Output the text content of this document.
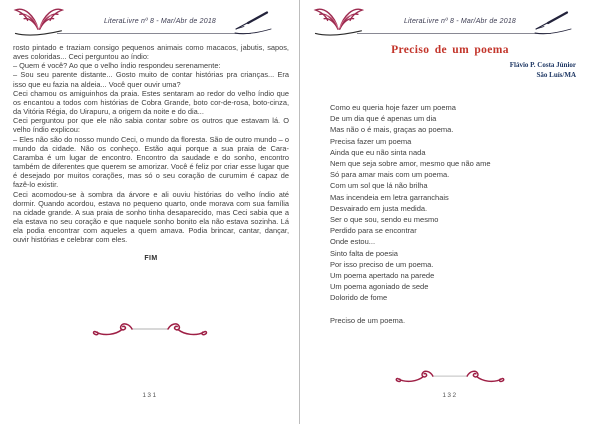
LiteraLivre nº 8 - Mar/Abr de 2018

rosto pintado e traziam consigo pequenos animais como macacos, jabutis, sapos, aves coloridas... Ceci perguntou ao índio:

– Quem é você? Ao que o velho índio respondeu serenamente:

– Sou seu parente distante... Gosto muito de contar histórias pra crianças... Era isso que eu fazia na aldeia... Você quer ouvir uma?

Ceci chamou os amiguinhos da praia. Estes sentaram ao redor do velho índio que os encantou a todos com histórias de Cobra Grande, boto cor-de-rosa, boto-cinza, da Vitória Régia, do Uirapuru, a origem da noite e do dia...

Ceci perguntou por que ele não sabia contar sobre os outros que estavam lá. O velho índio explicou:

– Eles não são do nosso mundo Ceci, o mundo da floresta. São de outro mundo – o mundo da cidade. Não os conheço. Estão aqui porque a sua praia de Cara-Caramba é um lugar de encontro. Encontro da saudade e do sonho, encontro também de diferentes que querem se amorizar. Você é feliz por criar esse lugar que é desejado por muitos corações, mas só o seu coração de curumim é capaz de fazê-lo existir.

Ceci acomodou-se à sombra da árvore e ali ouviu histórias do velho índio até dormir. Quando acordou, estava no pequeno quarto, onde morava com sua família na cidade grande. A sua praia de sonho tinha desaparecido, mas Ceci sabia que a ela estava no seu coração e que naquele sonho bonito ela não estava sozinha. Lá ela podia encontrar com aqueles a quem amava. Podia brincar, cantar, dançar, ouvir histórias e celebrar com eles.

FIM
131
LiteraLivre nº 8 - Mar/Abr de 2018
Preciso de um poema
Flávio P. Costa Júnior
São Luís/MA
Como eu queria hoje fazer um poema
De um dia que é apenas um dia
Mas não o é mais, graças ao poema.
Precisa fazer um poema
Ainda que eu não sinta nada
Nem que seja sobre amor, mesmo que não ame
Só para amar mais com um poema.
Com um sol que lá não brilha
Mas incendeia em letra garranchais
Desvairado em justa medida.
Ser o que sou, sendo eu mesmo
Perdido para se encontrar
Onde estou...
Sinto falta de poesia
Por isso preciso de um poema.
Um poema apertado na parede
Um poema agoniado de sede
Dolorido de fome
Preciso de um poema.
132
